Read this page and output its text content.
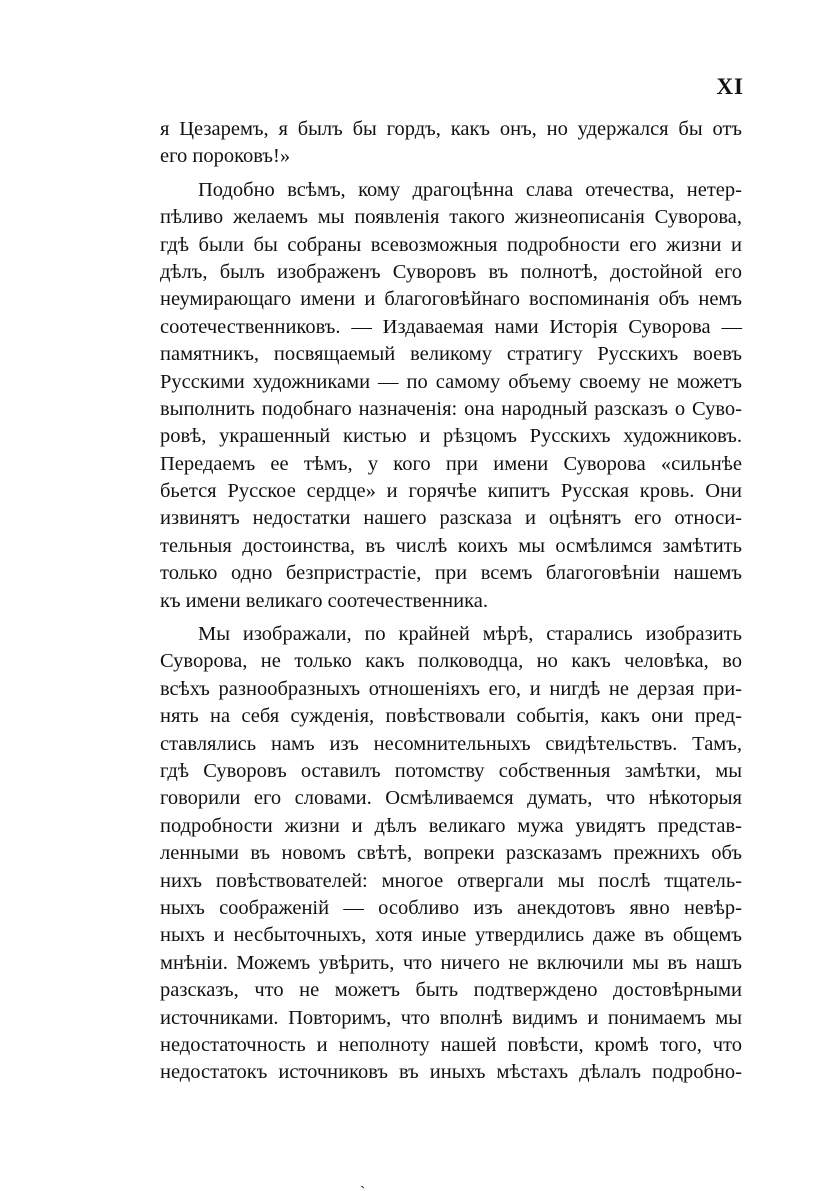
XI
я Цезаремъ, я былъ бы гордъ, какъ онъ, но удержался бы отъ
его пороковъ!»
Подобно всѣмъ, кому драгоцѣнна слава отечества, нетер-
пѣливо желаемъ мы появленія такого жизнеописанія Суворова,
гдѣ были бы собраны всевозможныя подробности его жизни и
дѣлъ, былъ изображенъ Суворовъ въ полнотѣ, достойной его
неумирающаго имени и благоговѣйнаго воспоминанія объ немъ
соотечественниковъ. — Издаваемая нами Исторія Суворова —
памятникъ, посвящаемый великому стратигу Русскихъ воевъ
Русскими художниками — по самому объему своему не можетъ
выполнить подобнаго назначенія: она народный разсказъ о Суво-
ровѣ, украшенный кистью и рѣзцомъ Русскихъ художниковъ.
Передаемъ ее тѣмъ, у кого при имени Суворова «сильнѣе
бьется Русское сердце» и горячѣе кипитъ Русская кровь. Они
извинятъ недостатки нашего разсказа и оцѣнятъ его относи-
тельныя достоинства, въ числѣ коихъ мы осмѣлимся замѣтить
только одно безпристрастіе, при всемъ благоговѣніи нашемъ
къ имени великаго соотечественника.
Мы изображали, по крайней мѣрѣ, старались изобразить
Суворова, не только какъ полководца, но какъ человѣка, во
всѣхъ разнообразныхъ отношеніяхъ его, и нигдѣ не дерзая при-
нять на себя сужденія, повѣствовали событія, какъ они пред-
ставлялись намъ изъ несомнительныхъ свидѣтельствъ. Тамъ,
гдѣ Суворовъ оставилъ потомству собственныя замѣтки, мы
говорили его словами. Осмѣливаемся думать, что нѣкоторыя
подробности жизни и дѣлъ великаго мужа увидятъ представ-
ленными въ новомъ свѣтѣ, вопреки разсказамъ прежнихъ объ
нихъ повѣствователей: многое отвергали мы послѣ тщатель-
ныхъ соображеній — особливо изъ анекдотовъ явно невѣр-
ныхъ и несбыточныхъ, хотя иные утвердились даже въ общемъ
мнѣніи. Можемъ увѣрить, что ничего не включили мы въ нашъ
разсказъ, что не можетъ быть подтверждено достовѣрными
источниками. Повторимъ, что вполнѣ видимъ и понимаемъ мы
недостаточность и неполноту нашей повѣсти, кромѣ того, что
недостатокъ источниковъ въ иныхъ мѣстахъ дѣлалъ подробно-
ˏ
